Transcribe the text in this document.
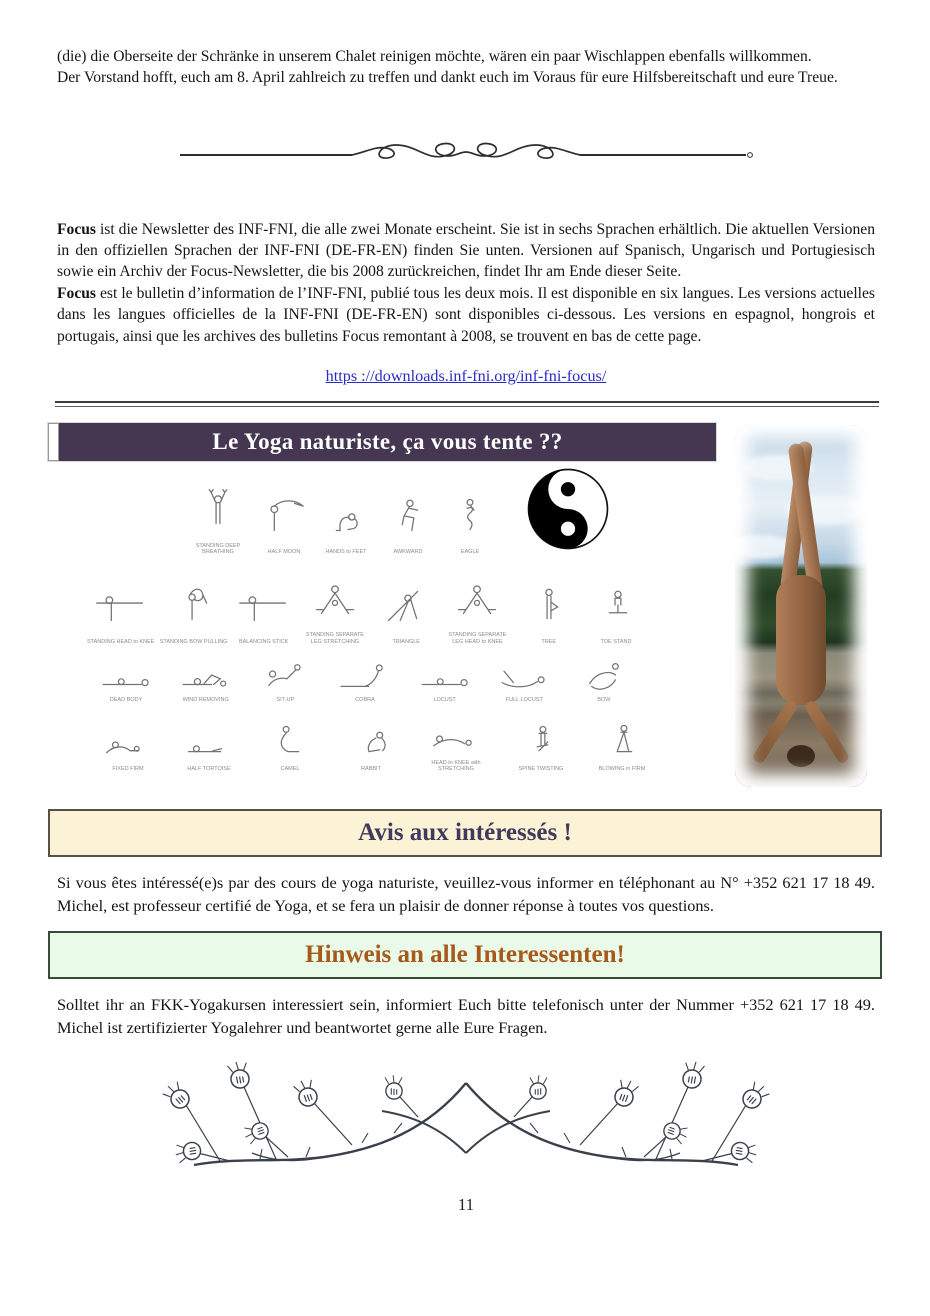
(die) die Oberseite der Schränke in unserem Chalet reinigen möchte, wären ein paar Wischlappen ebenfalls willkommen.

Der Vorstand hofft, euch am 8. April zahlreich zu treffen und dankt euch im Voraus für eure Hilfsbereitschaft und eure Treue.

Focus ist die Newsletter des INF-FNI, die alle zwei Monate erscheint. Sie ist in sechs Sprachen erhältlich. Die aktuellen Versionen in den offiziellen Sprachen der INF-FNI (DE-FR-EN) finden Sie unten. Versionen auf Spanisch, Ungarisch und Portugiesisch sowie ein Archiv der Focus-Newsletter, die bis 2008 zurückreichen, findet Ihr am Ende dieser Seite.

Focus est le bulletin d’information de l’INF-FNI, publié tous les deux mois. Il est disponible en six langues. Les versions actuelles dans les langues officielles de la INF-FNI (DE-FR-EN) sont disponibles ci-dessous. Les versions en espagnol, hongrois et portugais, ainsi que les archives des bulletins Focus remontant à 2008, se trouvent en bas de cette page.

https ://downloads.inf-fni.org/inf-fni-focus/
Le Yoga naturiste, ça vous tente ??
STANDING DEEP BREATHING	HALF MOON	HANDS to FEET	AWKWARD	EAGLE
STANDING HEAD to KNEE STANDING BOW PULLING BALANCING STICK
STANDING SEPARATE LEG STRETCHING	TRIANGLE
STANDING SEPARATE LEG HEAD to KNEE	TREE	TOE STAND
DEAD BODY	WIND REMOVING	SIT-UP	COBRA	LOCUST	FULL LOCUST	BOW
FIXED FIRM	HALF TORTOISE	CAMEL	RABBIT
HEAD to KNEE with STRETCHING	SPINE TWISTING	BLOWING in FIRM
Avis aux intéressés !

Si vous êtes intéressé(e)s par des cours de yoga naturiste, veuillez-vous informer en téléphonant au N° +352 621 17 18 49. Michel, est professeur certifié de Yoga, et se fera un plaisir de donner réponse à toutes vos questions.

Hinweis an alle Interessenten!

Solltet ihr an FKK-Yogakursen interessiert sein, informiert Euch bitte telefonisch unter der Nummer +352 621 17 18 49. Michel ist zertifizierter Yogalehrer und beantwortet gerne alle Eure Fragen.

11
